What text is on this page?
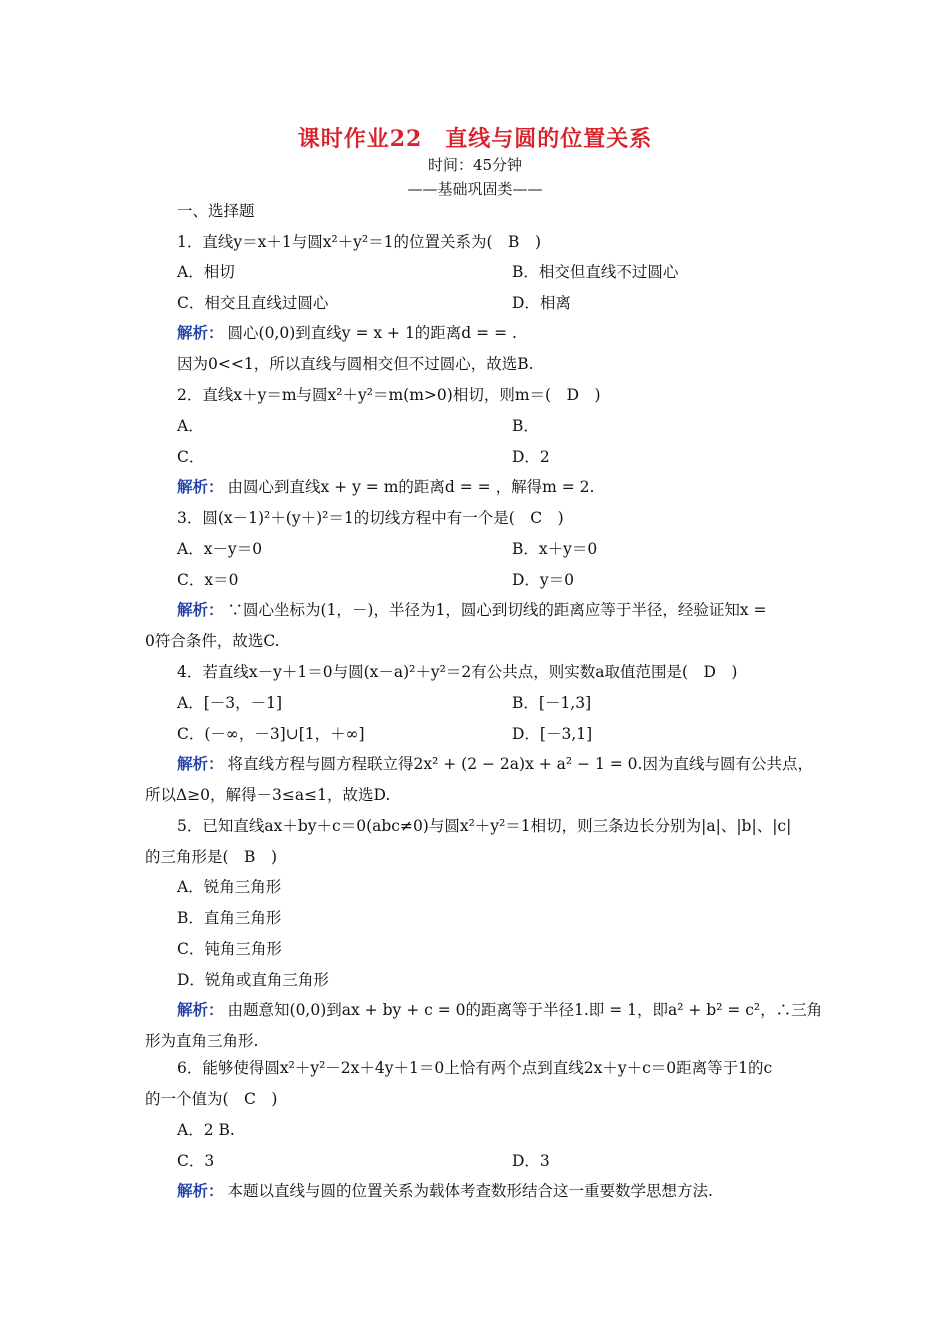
课时作业22　直线与圆的位置关系
时间：45分钟
——基础巩固类——
一、选择题
1．直线y＝x＋1与圆x²＋y²＝1的位置关系为(　B　)
A．相切	B．相交但直线不过圆心
C．相交且直线过圆心	D．相离
解析： 圆心(0,0)到直线y = x + 1的距离d = = .
因为0<<1，所以直线与圆相交但不过圆心，故选B.
2．直线x＋y＝m与圆x²＋y²＝m(m>0)相切，则m＝(　D　)
A．	B．
C．	D．2
解析： 由圆心到直线x + y = m的距离d = = ，解得m = 2.
3．圆(x－1)²＋(y＋)²＝1的切线方程中有一个是(　C　)
A．x－y＝0	B．x＋y＝0
C．x＝0	D．y＝0
解析： ∵圆心坐标为(1，－)，半径为1，圆心到切线的距离应等于半径，经验证知x =
0符合条件，故选C.
4．若直线x－y＋1＝0与圆(x－a)²＋y²＝2有公共点，则实数a取值范围是(　D　)
A．[－3，－1]	B．[－1,3]
C．(－∞，－3]∪[1，＋∞]	D．[－3,1]
解析： 将直线方程与圆方程联立得2x² + (2 − 2a)x + a² − 1 = 0.因为直线与圆有公共点，
所以Δ≥0，解得－3≤a≤1，故选D.
5．已知直线ax＋by＋c＝0(abc≠0)与圆x²＋y²＝1相切，则三条边长分别为|a|、|b|、|c|
的三角形是(　B　)
A．锐角三角形
B．直角三角形
C．钝角三角形
D．锐角或直角三角形
解析： 由题意知(0,0)到ax + by + c = 0的距离等于半径1.即 = 1，即a² + b² = c²，∴三角
形为直角三角形.
6．能够使得圆x²＋y²－2x＋4y＋1＝0上恰有两个点到直线2x＋y＋c＝0距离等于1的c
的一个值为(　C　)
A．2 B.
C．3	D．3
解析： 本题以直线与圆的位置关系为载体考查数形结合这一重要数学思想方法.
